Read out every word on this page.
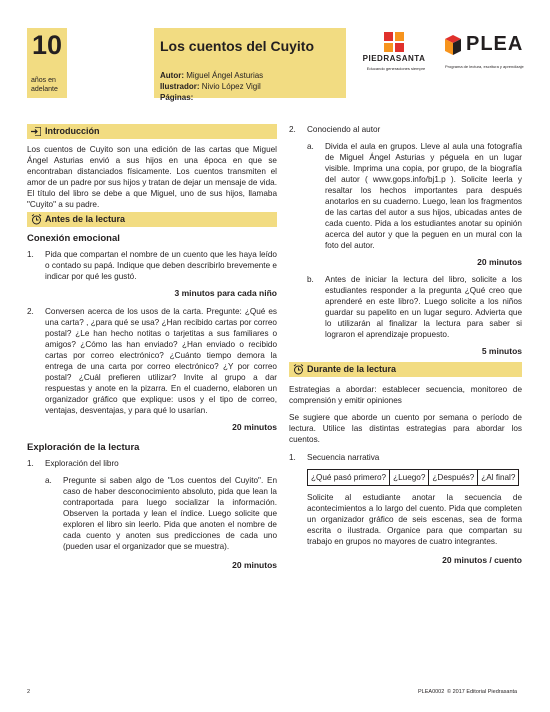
10
años en
adelante
Los cuentos del Cuyito
Autor: Miguel Ángel Asturias
Ilustrador: Nivio López Vigil
Páginas:
PIEDRASANTA
Educando generaciones siempre
PLEA
Programa de lectura, escritura y aprendizaje
Introducción

Los cuentos de Cuyito son una edición de las cartas que Miguel Ángel Asturias envió a sus hijos en una época en que se encontraban distanciados físicamente. Los cuentos transmiten el amor de un padre por sus hijos y tratan de dejar un mensaje de vida. El título del libro se debe a que Miguel, uno de sus hijos, llamaba "Cuyito" a su padre.

Antes de la lectura
Conexión emocional
1.	Pida que compartan el nombre de un cuento que les haya leído o contado su papá. Indique que deben describirlo brevemente e indicar por qué les gustó.
3 minutos para cada niño
2.	Conversen acerca de los usos de la carta. Pregunte: ¿Qué es una carta? , ¿para qué se usa? ¿Han recibido cartas por correo postal? ¿Le han hecho notitas o tarjetitas a sus familiares o amigos? ¿Cómo las han enviado? ¿Han enviado o recibido cartas por correo electrónico? ¿Cuánto tiempo demora la entrega de una carta por correo electrónico? ¿Y por correo postal? ¿Cuál prefieren utilizar? Invite al grupo a dar respuestas y anote en la pizarra. En el cuaderno, elaboren un organizador gráfico que explique: usos y el tipo de correo, ventajas, desventajas, y para qué lo usarían.
20 minutos
Exploración de la lectura
1.	Exploración del libro
a.	Pregunte si saben algo de "Los cuentos del Cuyito". En caso de haber desconocimiento absoluto, pida que lean la contraportada para luego socializar la información. Observen la portada y lean el índice. Luego solicite que exploren el libro sin leerlo. Pida que anoten el nombre de cada cuento y anoten sus predicciones de cada uno (pueden usar el organizador que se muestra).
20 minutos
2.	Conociendo al autor
a.	Divida el aula en grupos. Lleve al aula una fotografía de Miguel Ángel Asturias y péguela en un lugar visible. Imprima una copia, por grupo, de la biografía del autor ( www.gops.info/bj1.p ). Solicite leerla y resaltar los hechos importantes para después anotarlos en su cuaderno. Luego, lean los fragmentos de las cartas del autor a sus hijos, ubicadas antes de cada cuento. Pida a los estudiantes anotar su opinión acerca del autor y que la peguen en un mural con la foto del autor.
20 minutos
b.	Antes de iniciar la lectura del libro, solicite a los estudiantes responder a la pregunta ¿Qué creo que aprenderé en este libro?. Luego solicite a los niños guardar su papelito en un lugar seguro. Advierta que lo utilizarán al finalizar la lectura para saber si lograron el aprendizaje propuesto.
5 minutos
Durante de la lectura

Estrategias a abordar: establecer secuencia, monitoreo de comprensión y emitir opiniones

Se sugiere que aborde un cuento por semana o período de lectura. Utilice las distintas estrategias para abordar los cuentos.

1.	Secuencia narrativa
¿Qué pasó primero?	¿Luego?	¿Después?	¿Al final?

Solicite al estudiante anotar la secuencia de acontecimientos a lo largo del cuento. Pida que completen un organizador gráfico de seis escenas, sea de forma escrita o ilustrada. Organice para que compartan su trabajo en grupos no mayores de cuatro integrantes.

20 minutos / cuento
2	PLEA0002 © 2017 Editorial Piedrasanta
